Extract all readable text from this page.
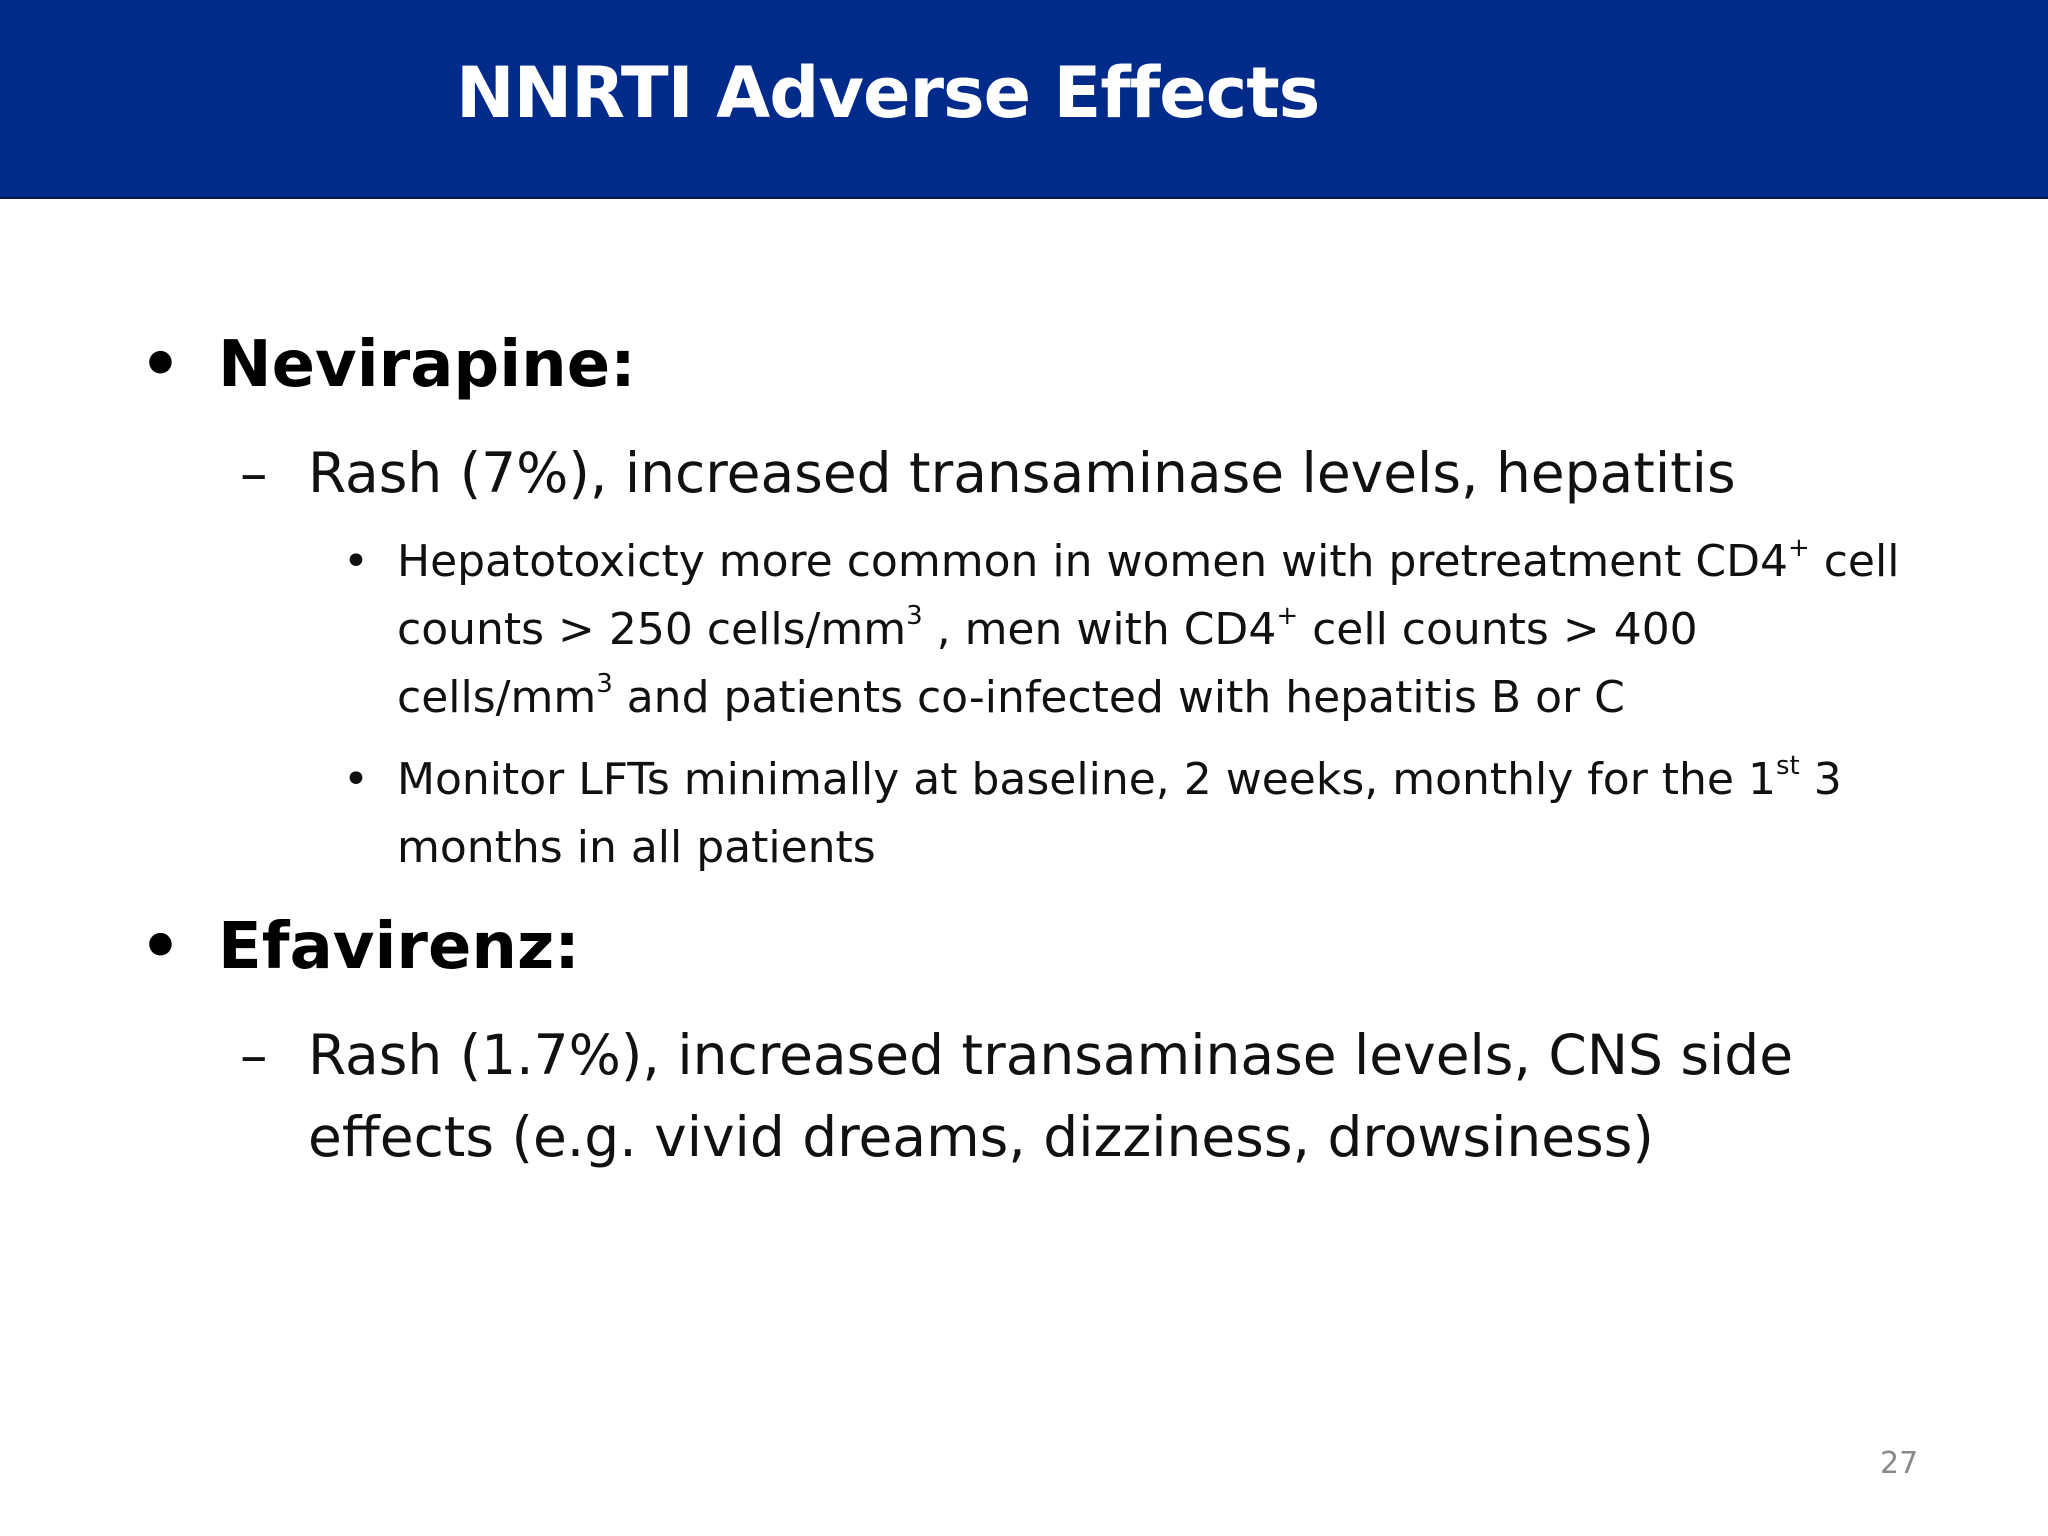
NNRTI Adverse Effects
• Nevirapine:
– Rash (7%), increased transaminase levels, hepatitis
• Hepatotoxicty more common in women with pretreatment CD4+ cell counts > 250 cells/$mm^3$ , men with CD4+ cell counts > 400 cells/$mm^3$ and patients co-infected with hepatitis B or C
• Monitor LFTs minimally at baseline, 2 weeks, monthly for the 1st 3 months in all patients
• Efavirenz:
– Rash (1.7%), increased transaminase levels, CNS side effects (e.g. vivid dreams, dizziness, drowsiness)
27
